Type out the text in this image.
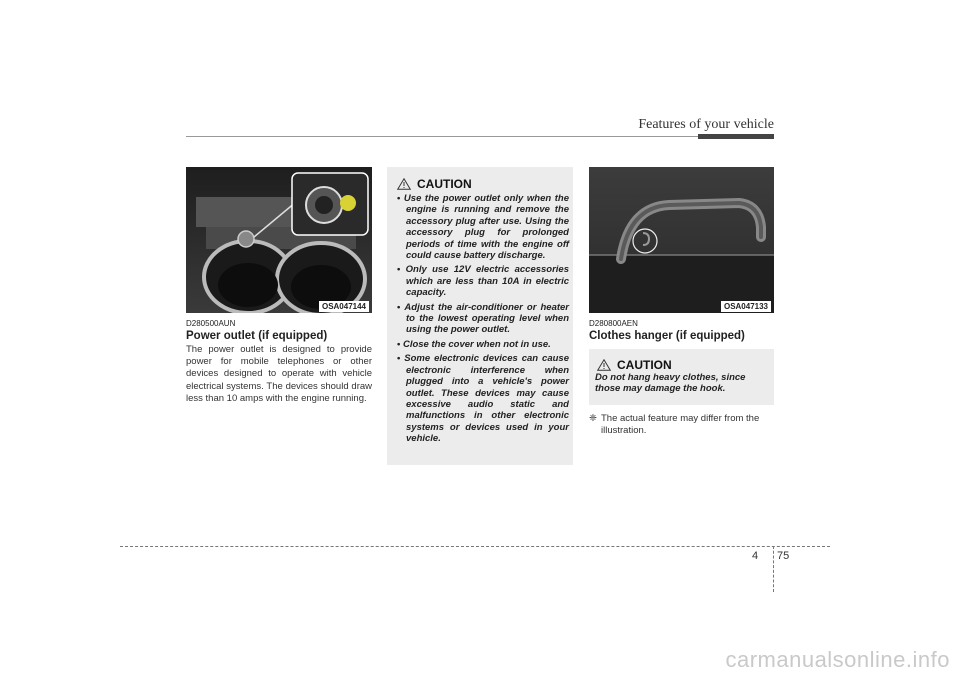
Features of your vehicle
OSA047144
D280500AUN
Power outlet (if equipped)
The power outlet is designed to provide power for mobile telephones or other devices designed to operate with vehicle electrical systems. The devices should draw less than 10 amps with the engine running.
CAUTION
• Use the power outlet only when the engine is running and remove the accessory plug after use. Using the accessory plug for prolonged periods of time with the engine off could cause battery discharge.
• Only use 12V electric accessories which are less than 10A in electric capacity.
• Adjust the air-conditioner or heater to the lowest operating level when using the power outlet.
• Close the cover when not in use.
• Some electronic devices can cause electronic interference when plugged into a vehicle's power outlet. These devices may cause excessive audio static and malfunctions in other electronic systems or devices used in your vehicle.
OSA047133
D280800AEN
Clothes hanger (if equipped)
CAUTION
Do not hang heavy clothes, since those may damage the hook.
❈ The actual feature may differ from the illustration.
4 75
carmanualsonline.info
